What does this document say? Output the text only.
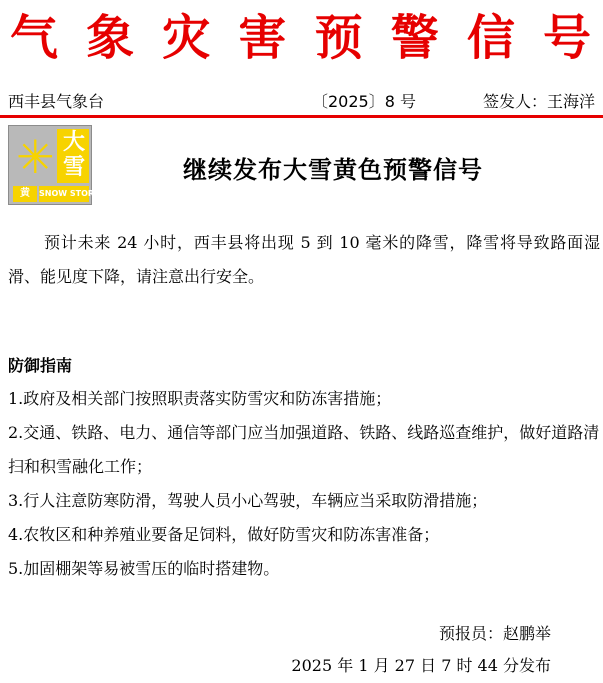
气 象 灾 害 预 警 信 号
西丰县气象台	〔2025〕8 号	签发人：王海洋
✳ 大
雪
黄	SNOW STORM
继续发布大雪黄色预警信号
预计未来 24 小时，西丰县将出现 5 到 10 毫米的降雪，降雪将导致路面湿滑、能见度下降，请注意出行安全。
防御指南
1.政府及相关部门按照职责落实防雪灾和防冻害措施；
2.交通、铁路、电力、通信等部门应当加强道路、铁路、线路巡查维护，做好道路清扫和积雪融化工作；
3.行人注意防寒防滑，驾驶人员小心驾驶，车辆应当采取防滑措施；
4.农牧区和种养殖业要备足饲料，做好防雪灾和防冻害准备；
5.加固棚架等易被雪压的临时搭建物。
预报员：赵鹏举
2025 年 1 月 27 日 7 时 44 分发布
